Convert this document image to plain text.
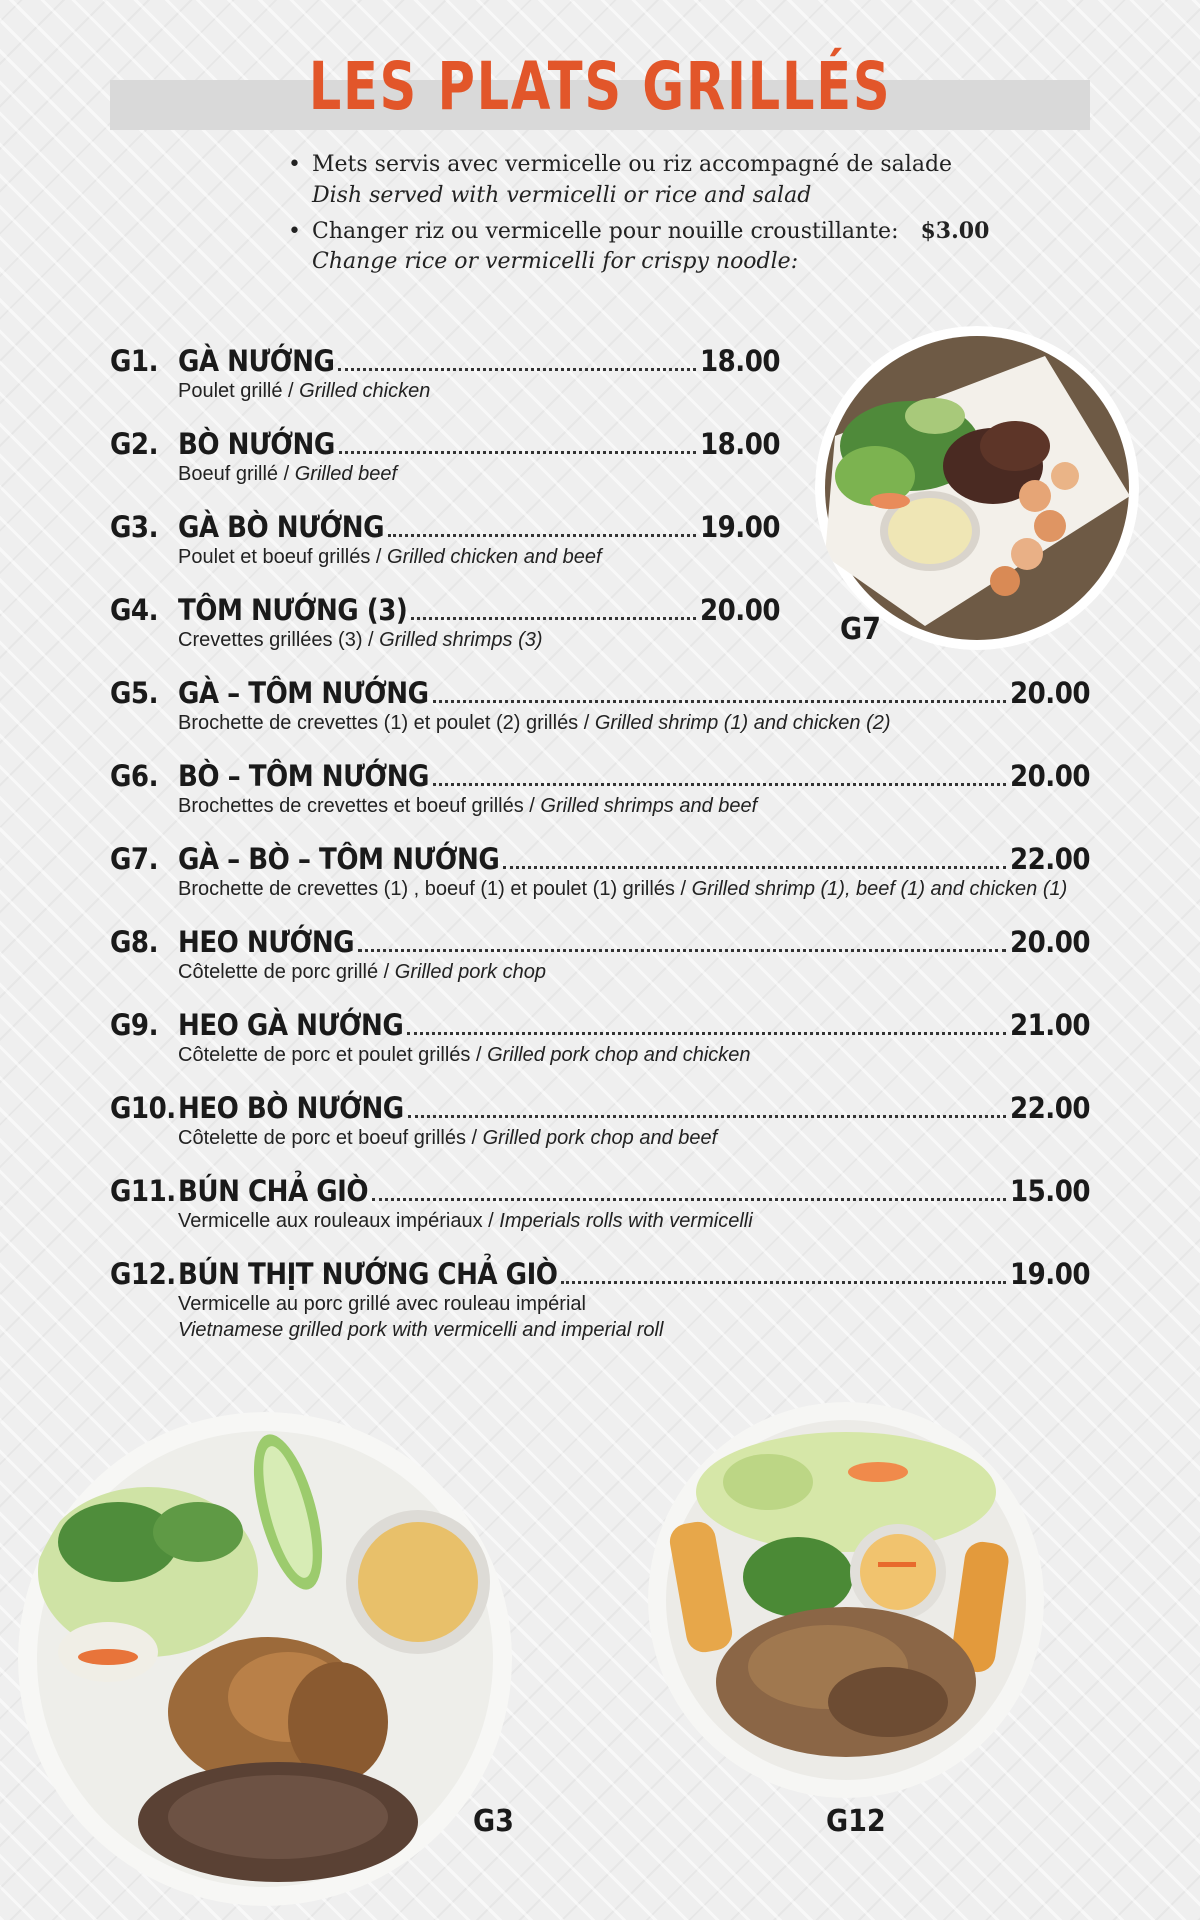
LES PLATS GRILLÉS
• Mets servis avec vermicelle ou riz accompagné de salade
Dish served with vermicelli or rice and salad
• Changer riz ou vermicelle pour nouille croustillante: $3.00
Change rice or vermicelli for crispy noodle:
G1. GÀ NƯỚNG	18.00
Poulet grillé / Grilled chicken
G2. BÒ NƯỚNG	18.00
Boeuf grillé / Grilled beef
G3. GÀ BÒ NƯỚNG	19.00
Poulet et boeuf grillés / Grilled chicken and beef
G4. TÔM NƯỚNG (3)	20.00
Crevettes grillées (3) / Grilled shrimps (3)
G5. GÀ – TÔM NƯỚNG	20.00
Brochette de crevettes (1) et poulet (2) grillés / Grilled shrimp (1) and chicken (2)
G6. BÒ – TÔM NƯỚNG	20.00
Brochettes de crevettes et boeuf grillés / Grilled shrimps and beef
G7. GÀ – BÒ – TÔM NƯỚNG	22.00
Brochette de crevettes (1) , boeuf (1) et poulet (1) grillés / Grilled shrimp (1), beef (1) and chicken (1)
G8. HEO NƯỚNG	20.00
Côtelette de porc grillé / Grilled pork chop
G9. HEO GÀ NƯỚNG	21.00
Côtelette de porc et poulet grillés / Grilled pork chop and chicken
G10. HEO BÒ NƯỚNG	22.00
Côtelette de porc et boeuf grillés / Grilled pork chop and beef
G11. BÚN CHẢ GIÒ	15.00
Vermicelle aux rouleaux impériaux / Imperials rolls with vermicelli
G12. BÚN THỊT NƯỚNG CHẢ GIÒ	19.00
Vermicelle au porc grillé avec rouleau impérial
Vietnamese grilled pork with vermicelli and imperial roll
G7
G3	G12
